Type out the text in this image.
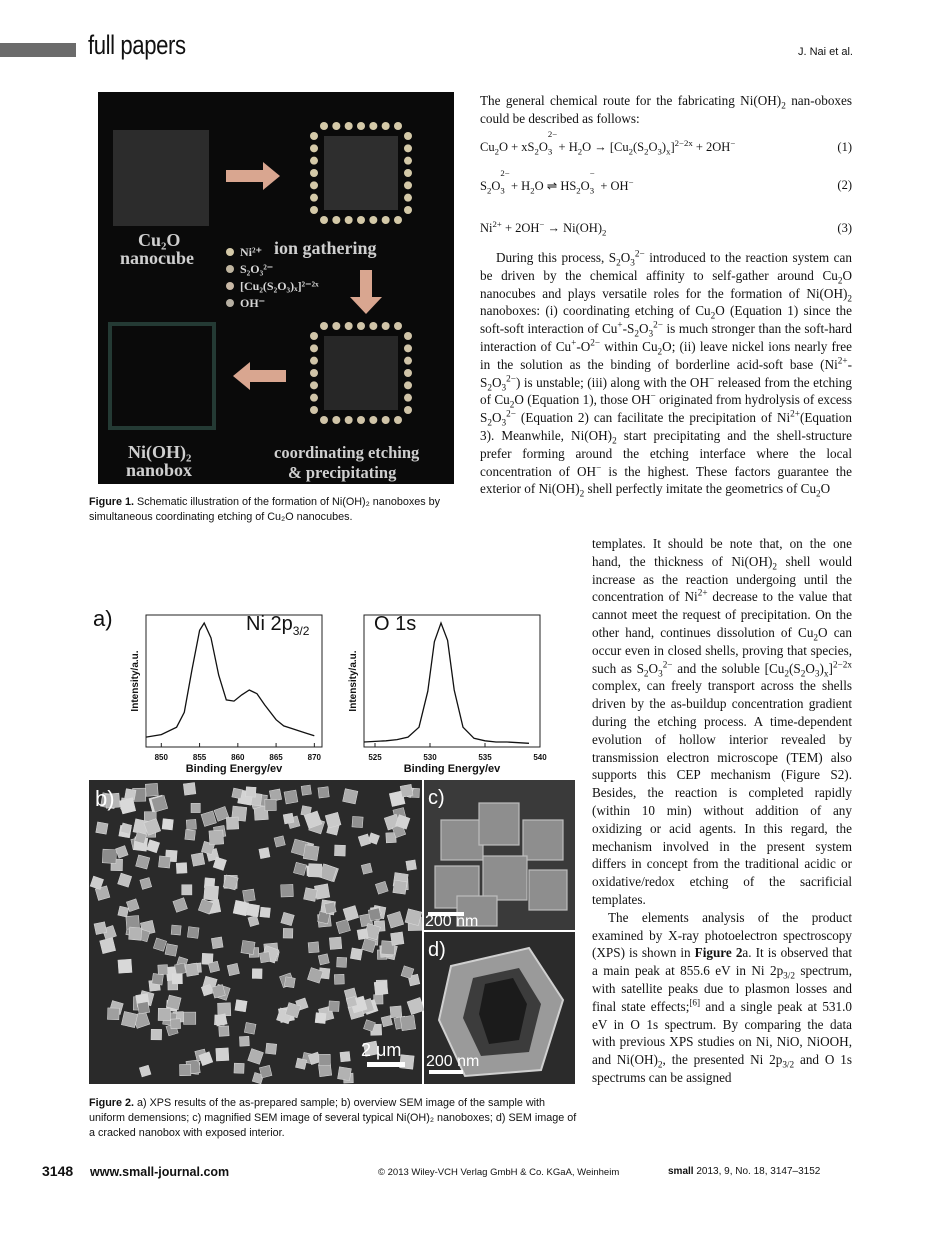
full papers	J. Nai et al.
Cu₂O
nanocube	Ni²⁺
S₂O₃²⁻
[Cu₂(S₂O₃)ₓ]²⁻²ˣ
OH⁻
ion gathering
Ni(OH)₂
nanobox
coordinating etching
& precipitating
Figure 1. Schematic illustration of the formation of Ni(OH)₂ nanoboxes by simultaneous coordinating etching of Cu₂O nanocubes.

The general chemical route for the fabricating $Ni(OH)_2$ nan-oboxes could be described as follows:

$Cu_2O + xS_2O_3$
2−
+ $H_2O \to [Cu_2(S_2O_3)_x]^{2-2x} + 2OH^-$	(1)
$S_2O_3$
2−
+ $H_2O$ ⇌ $HS_2O_3$
−
+ OH−	(2)
$Ni^{2+} + 2OH^- \to Ni(OH)_2$	(3)

During this process, $S_2O_3^{2-}$ introduced to the reaction system can be driven by the chemical affinity to self-gather around $Cu_2O$ nanocubes and plays versatile roles for the formation of $Ni(OH)_2$ nanoboxes: (i) coordinating etching of $Cu_2O$ (Equation 1) since the soft-soft interaction of $Cu^+-S_2O_3^{2-}$ is much stronger than the soft-hard interaction of $Cu^+-O^{2-}$ within $Cu_2O$; (ii) leave nickel ions nearly free in the solution as the binding of borderline acid-soft base $(Ni^{2+}-S_2O_3^{2-})$ is unstable; (iii) along with the OH− released from the etching of $Cu_2O$ (Equation 1), those OH− originated from hydrolysis of excess $S_2O_3^{2-}$ (Equation 2) can facilitate the precipitation of $Ni^{2+}(Equation$ 3). Meanwhile, $Ni(OH)_2$ start precipitating and the shell-structure prefer forming around the etching interface where the local concentration of OH− is the highest. These factors guarantee the exterior of $Ni(OH)_2$ shell perfectly imitate the geometrics of $Cu_2O$

templates. It should be note that, on the one hand, the thickness of $Ni(OH)_2$ shell would increase as the reaction undergoing until the concentration of $Ni^{2+}$ decrease to the value that cannot meet the request of precipitation. On the other hand, continues dissolution of $Cu_2O$ can occur even in closed shells, proving that species, such as $S_2O_3^{2-}$ and the soluble $[Cu_2(S_2O_3)_x]^{2-2x}$ complex, can freely transport across the shells driven by the as-buildup concentration gradient during the etching process. A time-dependent evolution of hollow interior revealed by transmission electron microscope (TEM) also supports this CEP mechanism (Figure S2). Besides, the reaction is completed rapidly (within 10 min) without addition of any oxidizing or acid agents. In this regard, the mechanism involved in the present system differs in concept from the traditional acidic or oxidative/redox etching of the sacrificial templates.

The elements analysis of the product examined by X-ray photoelectron spectroscopy (XPS) is shown in Figure 2a. It is observed that a main peak at 855.6 eV in Ni $2p_{3/2}$ spectrum, with satellite peaks due to plasmon losses and final state effects;[6] and a single peak at 531.0 eV in O 1s spectrum. By comparing the data with previous XPS studies on Ni, NiO, NiOOH, and $Ni(OH)_2$, the presented Ni $2p_{3/2}$ and O 1s spectrums can be assigned

a)
850	855	860	865	870
Binding Energy/ev
Intensity/a.u.
Ni $2p_{3/2}$
525	530	535	540
Binding Energy/ev
Intensity/a.u.
O 1s
b)
2 μm
c)
200 nm
d)
200 nm
Figure 2. a) XPS results of the as-prepared sample; b) overview SEM image of the sample with uniform demensions; c) magnified SEM image of several typical Ni(OH)₂ nanoboxes; d) SEM image of a cracked nanobox with exposed interior.
3148 www.small-journal.com	© 2013 Wiley-VCH Verlag GmbH & Co. KGaA, Weinheim	small 2013, 9, No. 18, 3147–3152
